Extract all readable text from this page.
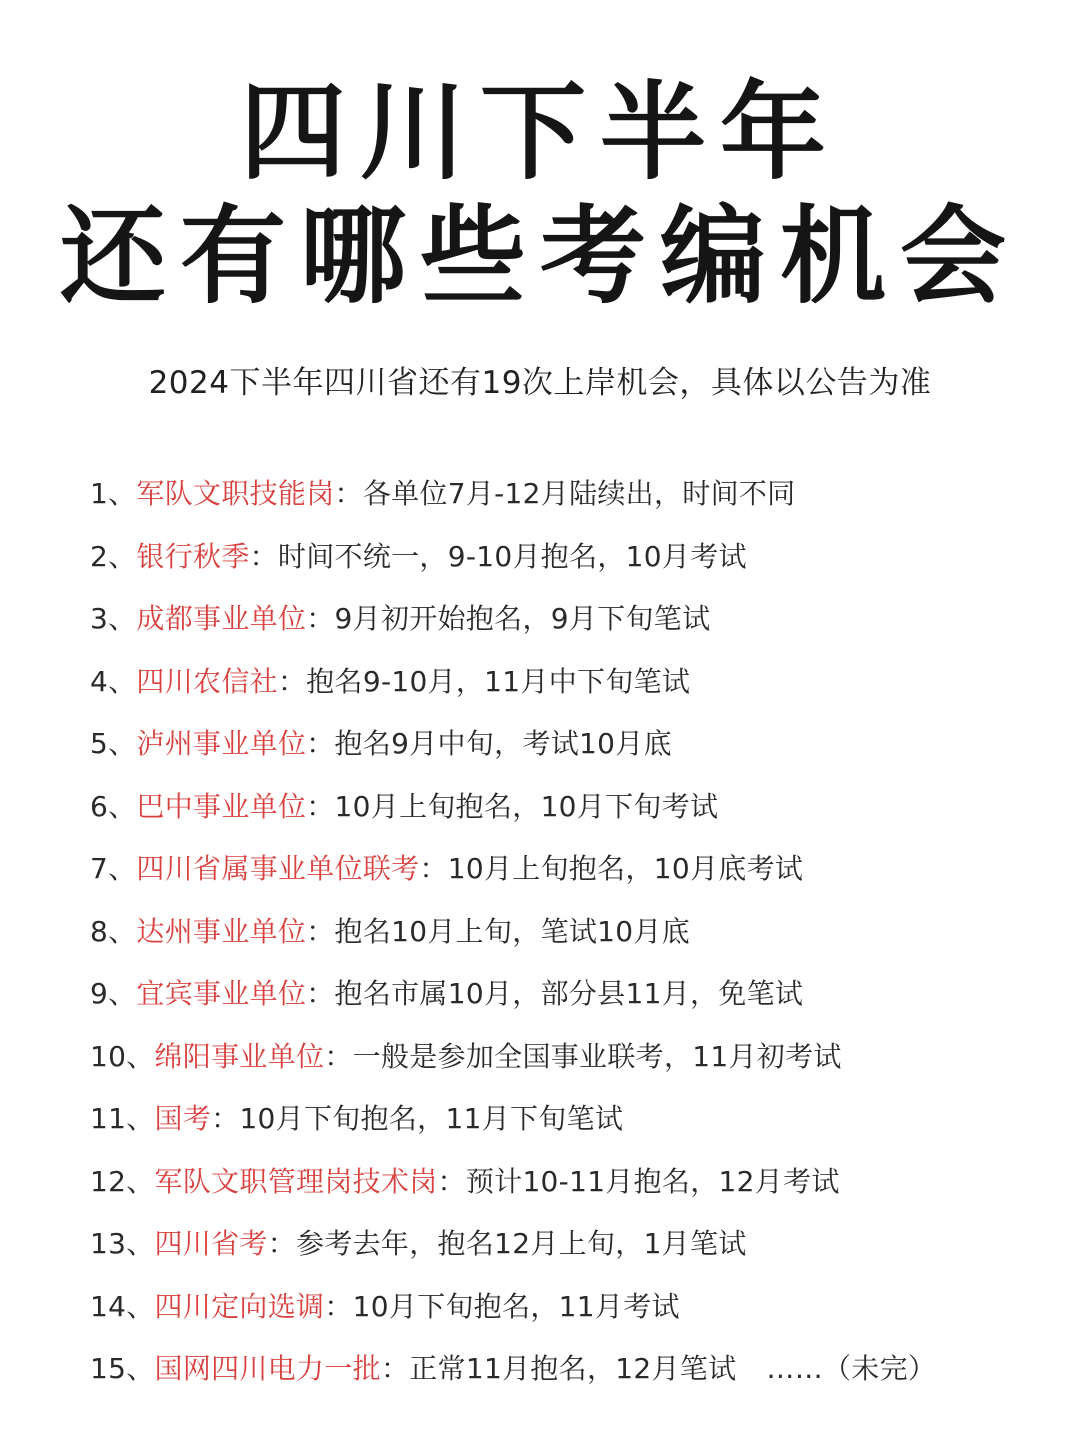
四川下半年
还有哪些考编机会
2024下半年四川省还有19次上岸机会，具体以公告为准
1、军队文职技能岗：各单位7月-12月陆续出，时间不同
2、银行秋季：时间不统一，9-10月抱名，10月考试
3、成都事业单位：9月初开始抱名，9月下旬笔试
4、四川农信社：抱名9-10月，11月中下旬笔试
5、泸州事业单位：抱名9月中旬，考试10月底
6、巴中事业单位：10月上旬抱名，10月下旬考试
7、四川省属事业单位联考：10月上旬抱名，10月底考试
8、达州事业单位：抱名10月上旬，笔试10月底
9、宜宾事业单位：抱名市属10月，部分县11月，免笔试
10、绵阳事业单位：一般是参加全国事业联考，11月初考试
11、国考：10月下旬抱名，11月下旬笔试
12、军队文职管理岗技术岗：预计10-11月抱名，12月考试
13、四川省考：参考去年，抱名12月上旬，1月笔试
14、四川定向选调：10月下旬抱名，11月考试
15、国网四川电力一批：正常11月抱名，12月笔试 ……（未完）
